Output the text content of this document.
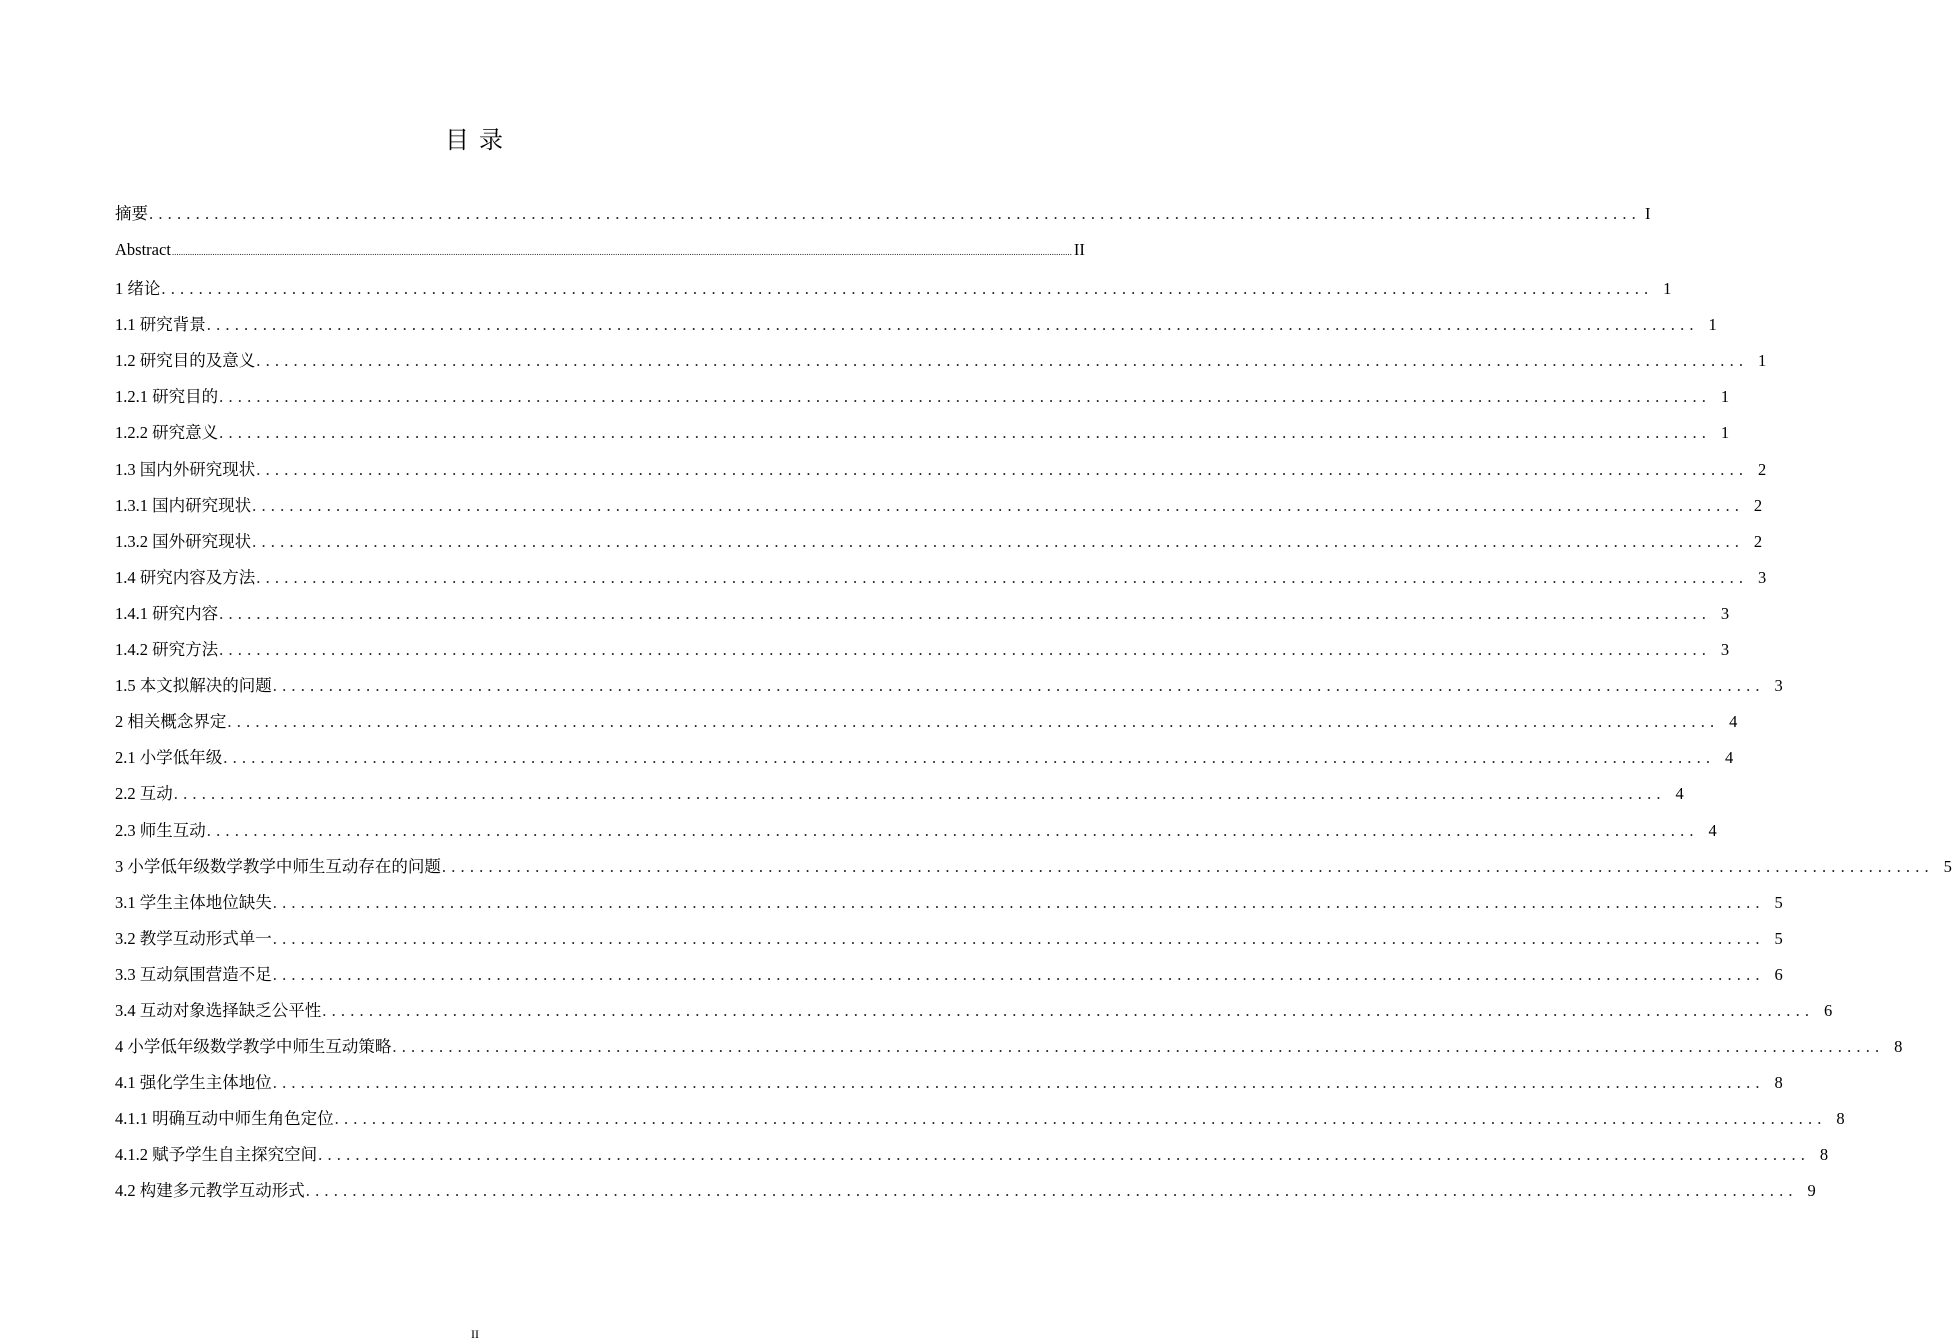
目 录
摘要 ................................................................................................................................................................ I
Abstract ................................................................................................................................................................................................................................................................................................................................................................................................................ II
1 绪论 ................................................................................................................................................................ 1
1.1 研究背景 ................................................................................................................................................................ 1
1.2 研究目的及意义 ................................................................................................................................................................ 1
1.2.1 研究目的 ................................................................................................................................................................ 1
1.2.2 研究意义 ................................................................................................................................................................ 1
1.3 国内外研究现状 ................................................................................................................................................................ 2
1.3.1 国内研究现状 ................................................................................................................................................................ 2
1.3.2 国外研究现状 ................................................................................................................................................................ 2
1.4 研究内容及方法 ................................................................................................................................................................ 3
1.4.1 研究内容 ................................................................................................................................................................ 3
1.4.2 研究方法 ................................................................................................................................................................ 3
1.5 本文拟解决的问题 ................................................................................................................................................................ 3
2 相关概念界定 ................................................................................................................................................................ 4
2.1 小学低年级 ................................................................................................................................................................ 4
2.2 互动 ................................................................................................................................................................ 4
2.3 师生互动 ................................................................................................................................................................ 4
3 小学低年级数学教学中师生互动存在的问题 ................................................................................................................................................................ 5
3.1 学生主体地位缺失 ................................................................................................................................................................ 5
3.2 教学互动形式单一 ................................................................................................................................................................ 5
3.3 互动氛围营造不足 ................................................................................................................................................................ 6
3.4 互动对象选择缺乏公平性 ................................................................................................................................................................ 6
4 小学低年级数学教学中师生互动策略 ................................................................................................................................................................ 8
4.1 强化学生主体地位 ................................................................................................................................................................ 8
4.1.1 明确互动中师生角色定位 ................................................................................................................................................................ 8
4.1.2 赋予学生自主探究空间 ................................................................................................................................................................ 8
4.2 构建多元教学互动形式 ................................................................................................................................................................ 9
II
